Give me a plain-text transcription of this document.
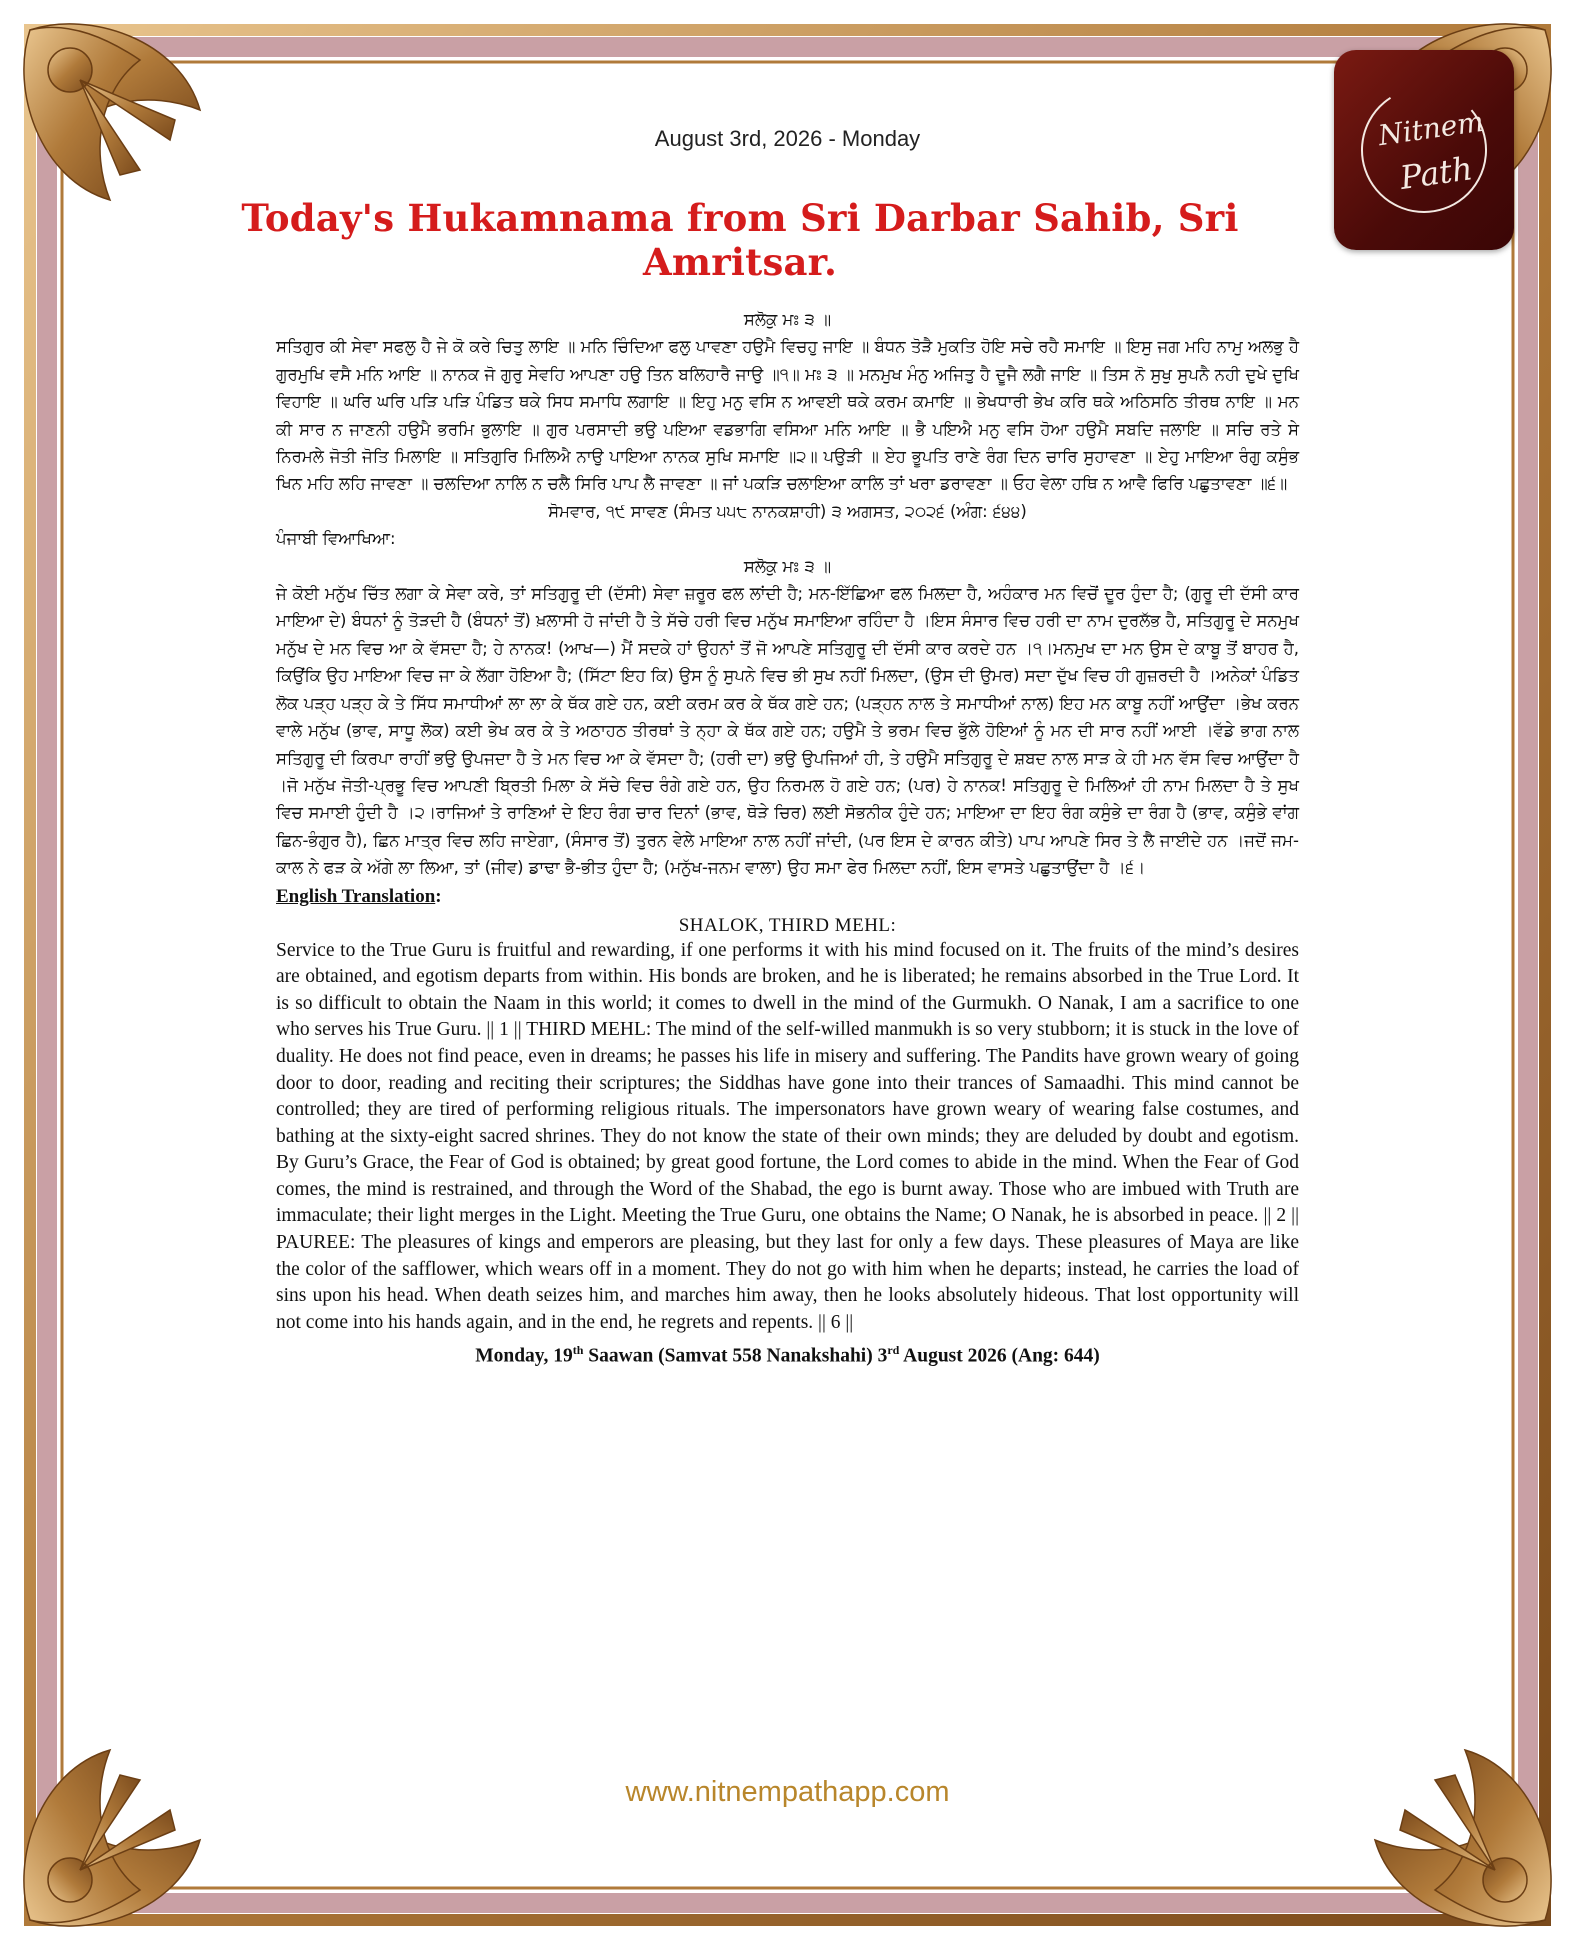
Nitnem
Path
August 3rd, 2026 - Monday
Today's Hukamnama from Sri Darbar Sahib, Sri Amritsar.

ਸਲੋਕੁ ਮਃ ੩ ॥

ਸਤਿਗੁਰ ਕੀ ਸੇਵਾ ਸਫਲੁ ਹੈ ਜੇ ਕੋ ਕਰੇ ਚਿਤੁ ਲਾਇ ॥ ਮਨਿ ਚਿੰਦਿਆ ਫਲੁ ਪਾਵਣਾ ਹਉਮੈ ਵਿਚਹੁ ਜਾਇ ॥ ਬੰਧਨ ਤੋੜੈ ਮੁਕਤਿ ਹੋਇ ਸਚੇ ਰਹੈ ਸਮਾਇ ॥ ਇਸੁ ਜਗ ਮਹਿ ਨਾਮੁ ਅਲਭੁ ਹੈ ਗੁਰਮੁਖਿ ਵਸੈ ਮਨਿ ਆਇ ॥ ਨਾਨਕ ਜੋ ਗੁਰੁ ਸੇਵਹਿ ਆਪਣਾ ਹਉ ਤਿਨ ਬਲਿਹਾਰੈ ਜਾਉ ॥੧॥ ਮਃ ੩ ॥ ਮਨਮੁਖ ਮੰਨੁ ਅਜਿਤੁ ਹੈ ਦੂਜੈ ਲਗੈ ਜਾਇ ॥ ਤਿਸ ਨੋ ਸੁਖੁ ਸੁਪਨੈ ਨਹੀ ਦੁਖੇ ਦੁਖਿ ਵਿਹਾਇ ॥ ਘਰਿ ਘਰਿ ਪੜਿ ਪੜਿ ਪੰਡਿਤ ਥਕੇ ਸਿਧ ਸਮਾਧਿ ਲਗਾਇ ॥ ਇਹੁ ਮਨੁ ਵਸਿ ਨ ਆਵਈ ਥਕੇ ਕਰਮ ਕਮਾਇ ॥ ਭੇਖਧਾਰੀ ਭੇਖ ਕਰਿ ਥਕੇ ਅਠਿਸਠਿ ਤੀਰਥ ਨਾਇ ॥ ਮਨ ਕੀ ਸਾਰ ਨ ਜਾਣਨੀ ਹਉਮੈ ਭਰਮਿ ਭੁਲਾਇ ॥ ਗੁਰ ਪਰਸਾਦੀ ਭਉ ਪਇਆ ਵਡਭਾਗਿ ਵਸਿਆ ਮਨਿ ਆਇ ॥ ਭੈ ਪਇਐ ਮਨੁ ਵਸਿ ਹੋਆ ਹਉਮੈ ਸਬਦਿ ਜਲਾਇ ॥ ਸਚਿ ਰਤੇ ਸੇ ਨਿਰਮਲੇ ਜੋਤੀ ਜੋਤਿ ਮਿਲਾਇ ॥ ਸਤਿਗੁਰਿ ਮਿਲਿਐ ਨਾਉ ਪਾਇਆ ਨਾਨਕ ਸੁਖਿ ਸਮਾਇ ॥੨॥ ਪਉੜੀ ॥ ਏਹ ਭੂਪਤਿ ਰਾਣੇ ਰੰਗ ਦਿਨ ਚਾਰਿ ਸੁਹਾਵਣਾ ॥ ਏਹੁ ਮਾਇਆ ਰੰਗੁ ਕਸੁੰਭ ਖਿਨ ਮਹਿ ਲਹਿ ਜਾਵਣਾ ॥ ਚਲਦਿਆ ਨਾਲਿ ਨ ਚਲੈ ਸਿਰਿ ਪਾਪ ਲੈ ਜਾਵਣਾ ॥ ਜਾਂ ਪਕੜਿ ਚਲਾਇਆ ਕਾਲਿ ਤਾਂ ਖਰਾ ਡਰਾਵਣਾ ॥ ਓਹ ਵੇਲਾ ਹਥਿ ਨ ਆਵੈ ਫਿਰਿ ਪਛੁਤਾਵਣਾ ॥੬॥

ਸੋਮਵਾਰ, ੧੯ ਸਾਵਣ (ਸੰਮਤ ੫੫੮ ਨਾਨਕਸ਼ਾਹੀ) ੩ ਅਗਸਤ, ੨੦੨੬ (ਅੰਗ: ੬੪੪)

ਪੰਜਾਬੀ ਵਿਆਖਿਆ:

ਸਲੋਕੁ ਮਃ ੩ ॥

ਜੇ ਕੋਈ ਮਨੁੱਖ ਚਿੱਤ ਲਗਾ ਕੇ ਸੇਵਾ ਕਰੇ, ਤਾਂ ਸਤਿਗੁਰੂ ਦੀ (ਦੱਸੀ) ਸੇਵਾ ਜ਼ਰੂਰ ਫਲ ਲਾਂਦੀ ਹੈ; ਮਨ-ਇੱਛਿਆ ਫਲ ਮਿਲਦਾ ਹੈ, ਅਹੰਕਾਰ ਮਨ ਵਿਚੋਂ ਦੂਰ ਹੁੰਦਾ ਹੈ; (ਗੁਰੂ ਦੀ ਦੱਸੀ ਕਾਰ ਮਾਇਆ ਦੇ) ਬੰਧਨਾਂ ਨੂੰ ਤੋੜਦੀ ਹੈ (ਬੰਧਨਾਂ ਤੋਂ) ਖ਼ਲਾਸੀ ਹੋ ਜਾਂਦੀ ਹੈ ਤੇ ਸੱਚੇ ਹਰੀ ਵਿਚ ਮਨੁੱਖ ਸਮਾਇਆ ਰਹਿੰਦਾ ਹੈ ।ਇਸ ਸੰਸਾਰ ਵਿਚ ਹਰੀ ਦਾ ਨਾਮ ਦੁਰਲੱਭ ਹੈ, ਸਤਿਗੁਰੂ ਦੇ ਸਨਮੁਖ ਮਨੁੱਖ ਦੇ ਮਨ ਵਿਚ ਆ ਕੇ ਵੱਸਦਾ ਹੈ; ਹੇ ਨਾਨਕ! (ਆਖ—) ਮੈਂ ਸਦਕੇ ਹਾਂ ਉਹਨਾਂ ਤੋਂ ਜੋ ਆਪਣੇ ਸਤਿਗੁਰੂ ਦੀ ਦੱਸੀ ਕਾਰ ਕਰਦੇ ਹਨ ।੧।ਮਨਮੁਖ ਦਾ ਮਨ ਉਸ ਦੇ ਕਾਬੂ ਤੋਂ ਬਾਹਰ ਹੈ, ਕਿਉਂਕਿ ਉਹ ਮਾਇਆ ਵਿਚ ਜਾ ਕੇ ਲੱਗਾ ਹੋਇਆ ਹੈ; (ਸਿੱਟਾ ਇਹ ਕਿ) ਉਸ ਨੂੰ ਸੁਪਨੇ ਵਿਚ ਭੀ ਸੁਖ ਨਹੀਂ ਮਿਲਦਾ, (ਉਸ ਦੀ ਉਮਰ) ਸਦਾ ਦੁੱਖ ਵਿਚ ਹੀ ਗੁਜ਼ਰਦੀ ਹੈ ।ਅਨੇਕਾਂ ਪੰਡਿਤ ਲੋਕ ਪੜ੍ਹ ਪੜ੍ਹ ਕੇ ਤੇ ਸਿੱਧ ਸਮਾਧੀਆਂ ਲਾ ਲਾ ਕੇ ਥੱਕ ਗਏ ਹਨ, ਕਈ ਕਰਮ ਕਰ ਕੇ ਥੱਕ ਗਏ ਹਨ; (ਪੜ੍ਹਨ ਨਾਲ ਤੇ ਸਮਾਧੀਆਂ ਨਾਲ) ਇਹ ਮਨ ਕਾਬੂ ਨਹੀਂ ਆਉਂਦਾ ।ਭੇਖ ਕਰਨ ਵਾਲੇ ਮਨੁੱਖ (ਭਾਵ, ਸਾਧੂ ਲੋਕ) ਕਈ ਭੇਖ ਕਰ ਕੇ ਤੇ ਅਠਾਹਠ ਤੀਰਥਾਂ ਤੇ ਨ੍ਹਾ ਕੇ ਥੱਕ ਗਏ ਹਨ; ਹਉਮੈ ਤੇ ਭਰਮ ਵਿਚ ਭੁੱਲੇ ਹੋਇਆਂ ਨੂੰ ਮਨ ਦੀ ਸਾਰ ਨਹੀਂ ਆਈ ।ਵੱਡੇ ਭਾਗ ਨਾਲ ਸਤਿਗੁਰੂ ਦੀ ਕਿਰਪਾ ਰਾਹੀਂ ਭਉ ਉਪਜਦਾ ਹੈ ਤੇ ਮਨ ਵਿਚ ਆ ਕੇ ਵੱਸਦਾ ਹੈ; (ਹਰੀ ਦਾ) ਭਉ ਉਪਜਿਆਂ ਹੀ, ਤੇ ਹਉਮੈ ਸਤਿਗੁਰੂ ਦੇ ਸ਼ਬਦ ਨਾਲ ਸਾੜ ਕੇ ਹੀ ਮਨ ਵੱਸ ਵਿਚ ਆਉਂਦਾ ਹੈ ।ਜੋ ਮਨੁੱਖ ਜੋਤੀ-ਪ੍ਰਭੂ ਵਿਚ ਆਪਣੀ ਬ੍ਰਿਤੀ ਮਿਲਾ ਕੇ ਸੱਚੇ ਵਿਚ ਰੰਗੇ ਗਏ ਹਨ, ਉਹ ਨਿਰਮਲ ਹੋ ਗਏ ਹਨ; (ਪਰ) ਹੇ ਨਾਨਕ! ਸਤਿਗੁਰੂ ਦੇ ਮਿਲਿਆਂ ਹੀ ਨਾਮ ਮਿਲਦਾ ਹੈ ਤੇ ਸੁਖ ਵਿਚ ਸਮਾਈ ਹੁੰਦੀ ਹੈ ।੨।ਰਾਜਿਆਂ ਤੇ ਰਾਣਿਆਂ ਦੇ ਇਹ ਰੰਗ ਚਾਰ ਦਿਨਾਂ (ਭਾਵ, ਥੋੜੇ ਚਿਰ) ਲਈ ਸੋਭਨੀਕ ਹੁੰਦੇ ਹਨ; ਮਾਇਆ ਦਾ ਇਹ ਰੰਗ ਕਸੁੰਭੇ ਦਾ ਰੰਗ ਹੈ (ਭਾਵ, ਕਸੁੰਭੇ ਵਾਂਗ ਛਿਨ-ਭੰਗੁਰ ਹੈ), ਛਿਨ ਮਾਤ੍ਰ ਵਿਚ ਲਹਿ ਜਾਏਗਾ, (ਸੰਸਾਰ ਤੋਂ) ਤੁਰਨ ਵੇਲੇ ਮਾਇਆ ਨਾਲ ਨਹੀਂ ਜਾਂਦੀ, (ਪਰ ਇਸ ਦੇ ਕਾਰਨ ਕੀਤੇ) ਪਾਪ ਆਪਣੇ ਸਿਰ ਤੇ ਲੈ ਜਾਈਦੇ ਹਨ ।ਜਦੋਂ ਜਮ-ਕਾਲ ਨੇ ਫੜ ਕੇ ਅੱਗੇ ਲਾ ਲਿਆ, ਤਾਂ (ਜੀਵ) ਡਾਢਾ ਭੈ-ਭੀਤ ਹੁੰਦਾ ਹੈ; (ਮਨੁੱਖ-ਜਨਮ ਵਾਲਾ) ਉਹ ਸਮਾ ਫੇਰ ਮਿਲਦਾ ਨਹੀਂ, ਇਸ ਵਾਸਤੇ ਪਛੁਤਾਉਂਦਾ ਹੈ ।੬।

English Translation:

SHALOK, THIRD MEHL:

Service to the True Guru is fruitful and rewarding, if one performs it with his mind focused on it. The fruits of the mind’s desires are obtained, and egotism departs from within. His bonds are broken, and he is liberated; he remains absorbed in the True Lord. It is so difficult to obtain the Naam in this world; it comes to dwell in the mind of the Gurmukh. O Nanak, I am a sacrifice to one who serves his True Guru. || 1 || THIRD MEHL: The mind of the self-willed manmukh is so very stubborn; it is stuck in the love of duality. He does not find peace, even in dreams; he passes his life in misery and suffering. The Pandits have grown weary of going door to door, reading and reciting their scriptures; the Siddhas have gone into their trances of Samaadhi. This mind cannot be controlled; they are tired of performing religious rituals. The impersonators have grown weary of wearing false costumes, and bathing at the sixty-eight sacred shrines. They do not know the state of their own minds; they are deluded by doubt and egotism. By Guru’s Grace, the Fear of God is obtained; by great good fortune, the Lord comes to abide in the mind. When the Fear of God comes, the mind is restrained, and through the Word of the Shabad, the ego is burnt away. Those who are imbued with Truth are immaculate; their light merges in the Light. Meeting the True Guru, one obtains the Name; O Nanak, he is absorbed in peace. || 2 || PAUREE: The pleasures of kings and emperors are pleasing, but they last for only a few days. These pleasures of Maya are like the color of the safflower, which wears off in a moment. They do not go with him when he departs; instead, he carries the load of sins upon his head. When death seizes him, and marches him away, then he looks absolutely hideous. That lost opportunity will not come into his hands again, and in the end, he regrets and repents. || 6 ||

Monday, 19th Saawan (Samvat 558 Nanakshahi) 3rd August 2026 (Ang: 644)

www.nitnempathapp.com
